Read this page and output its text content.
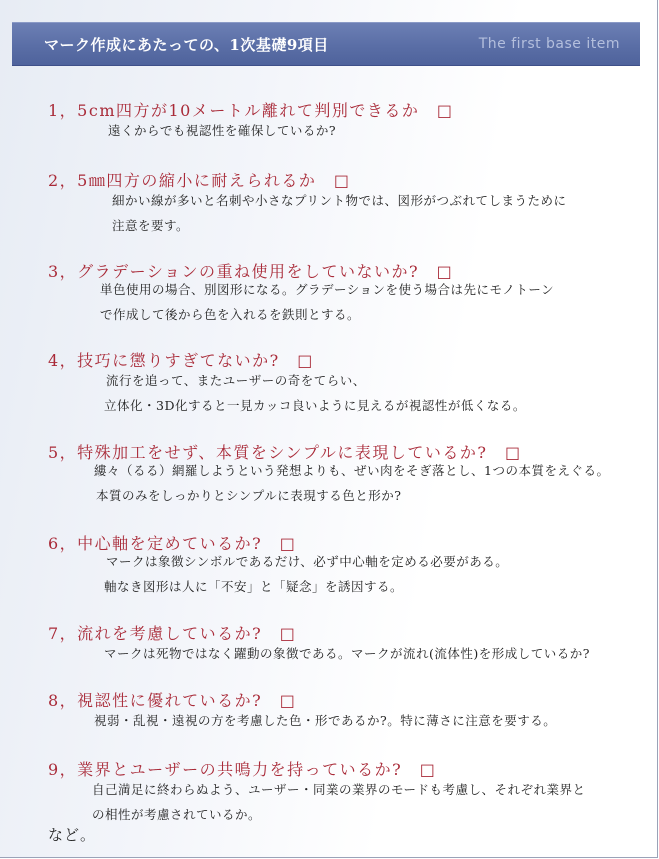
マーク作成にあたっての、1次基礎9項目	The first base item
1，5cm四方が10メートル離れて判別できるか　□
遠くからでも視認性を確保しているか?
2，5㎜四方の縮小に耐えられるか　□
細かい線が多いと名刺や小さなプリント物では、図形がつぶれてしまうために
注意を要す。
3，グラデーションの重ね使用をしていないか?　□
単色使用の場合、別図形になる。グラデーションを使う場合は先にモノトーン
で作成して後から色を入れるを鉄則とする。
4，技巧に懲りすぎてないか?　□
流行を追って、またユーザーの奇をてらい、
立体化・3D化すると一見カッコ良いように見えるが視認性が低くなる。
5，特殊加工をせず、本質をシンプルに表現しているか?　□
縷々（るる）網羅しようという発想よりも、ぜい肉をそぎ落とし、1つの本質をえぐる。
本質のみをしっかりとシンプルに表現する色と形か?
6，中心軸を定めているか?　□
マークは象徴シンボルであるだけ、必ず中心軸を定める必要がある。
軸なき図形は人に「不安」と「疑念」を誘因する。
7，流れを考慮しているか?　□
マークは死物ではなく躍動の象徴である。マークが流れ(流体性)を形成しているか?
8，視認性に優れているか?　□
視弱・乱視・遠視の方を考慮した色・形であるか?。特に薄さに注意を要する。
9，業界とユーザーの共鳴力を持っているか?　□
自己満足に終わらぬよう、ユーザー・同業の業界のモードも考慮し、それぞれ業界と
の相性が考慮されているか。
など。
